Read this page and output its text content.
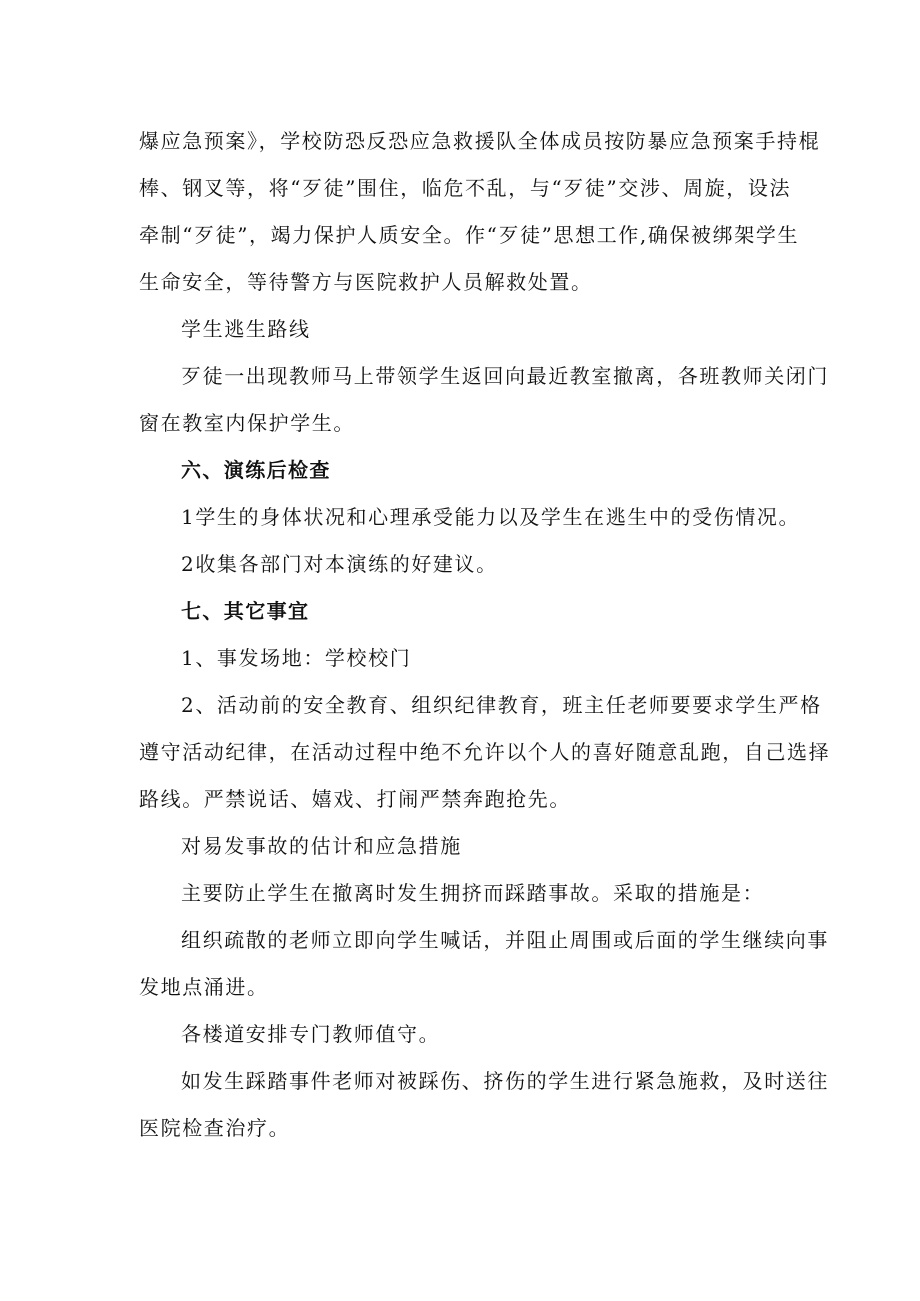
爆应急预案》，学校防恐反恐应急救援队全体成员按防暴应急预案手持棍
棒、钢叉等，将“歹徒”围住，临危不乱，与“歹徒”交涉、周旋，设法
牵制“歹徒”，竭力保护人质安全。作“歹徒”思想工作,确保被绑架学生
生命安全，等待警方与医院救护人员解救处置。
学生逃生路线
歹徒一出现教师马上带领学生返回向最近教室撤离，各班教师关闭门
窗在教室内保护学生。
六、演练后检查
1学生的身体状况和心理承受能力以及学生在逃生中的受伤情况。
2收集各部门对本演练的好建议。
七、其它事宜
1、事发场地：学校校门
2、活动前的安全教育、组织纪律教育，班主任老师要要求学生严格
遵守活动纪律，在活动过程中绝不允许以个人的喜好随意乱跑，自己选择
路线。严禁说话、嬉戏、打闹严禁奔跑抢先。
对易发事故的估计和应急措施
主要防止学生在撤离时发生拥挤而踩踏事故。采取的措施是：
组织疏散的老师立即向学生喊话，并阻止周围或后面的学生继续向事
发地点涌进。
各楼道安排专门教师值守。
如发生踩踏事件老师对被踩伤、挤伤的学生进行紧急施救，及时送往
医院检查治疗。
